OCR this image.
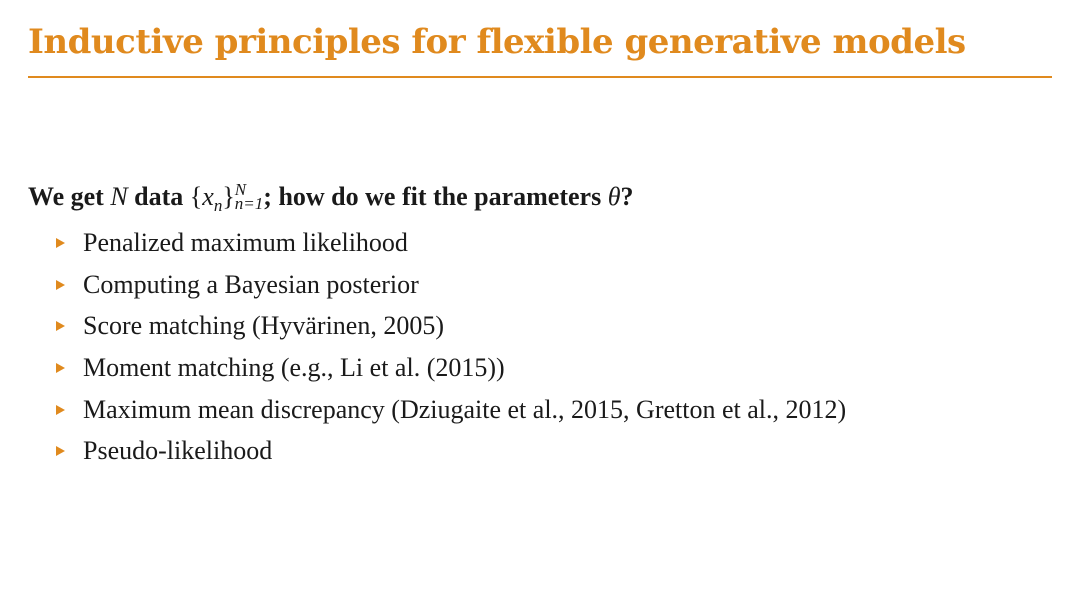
Inductive principles for flexible generative models
We get N data $\{x_n\}$ N
n=1 ; how do we fit the parameters θ?
Penalized maximum likelihood
Computing a Bayesian posterior
Score matching (Hyvärinen, 2005)
Moment matching (e.g., Li et al. (2015))
Maximum mean discrepancy (Dziugaite et al., 2015, Gretton et al., 2012)
Pseudo-likelihood
